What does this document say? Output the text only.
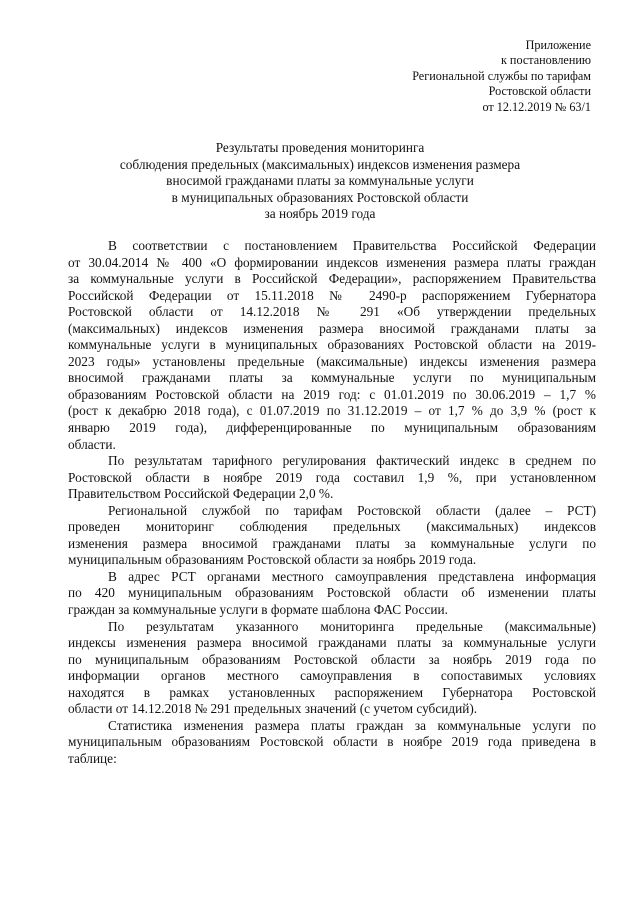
Приложение
к постановлению
Региональной службы по тарифам
Ростовской области
от 12.12.2019 № 63/1
Результаты проведения мониторинга
соблюдения предельных (максимальных) индексов изменения размера
вносимой гражданами платы за коммунальные услуги
в муниципальных образованиях Ростовской области
за ноябрь 2019 года
В соответствии с постановлением Правительства Российской Федерации
от 30.04.2014 № 400 «О формировании индексов изменения размера платы граждан
за коммунальные услуги в Российской Федерации», распоряжением Правительства
Российской Федерации от 15.11.2018 № 2490-р распоряжением Губернатора
Ростовской области от 14.12.2018 № 291 «Об утверждении предельных
(максимальных) индексов изменения размера вносимой гражданами платы за
коммунальные услуги в муниципальных образованиях Ростовской области на 2019-
2023 годы» установлены предельные (максимальные) индексы изменения размера
вносимой гражданами платы за коммунальные услуги по муниципальным
образованиям Ростовской области на 2019 год: с 01.01.2019 по 30.06.2019 – 1,7 %
(рост к декабрю 2018 года), с 01.07.2019 по 31.12.2019 – от 1,7 % до 3,9 % (рост к
январю 2019 года), дифференцированные по муниципальным образованиям
области.
По результатам тарифного регулирования фактический индекс в среднем по
Ростовской области в ноябре 2019 года составил 1,9 %, при установленном
Правительством Российской Федерации 2,0 %.
Региональной службой по тарифам Ростовской области (далее – РСТ)
проведен мониторинг соблюдения предельных (максимальных) индексов
изменения размера вносимой гражданами платы за коммунальные услуги по
муниципальным образованиям Ростовской области за ноябрь 2019 года.
В адрес РСТ органами местного самоуправления представлена информация
по 420 муниципальным образованиям Ростовской области об изменении платы
граждан за коммунальные услуги в формате шаблона ФАС России.
По результатам указанного мониторинга предельные (максимальные)
индексы изменения размера вносимой гражданами платы за коммунальные услуги
по муниципальным образованиям Ростовской области за ноябрь 2019 года по
информации органов местного самоуправления в сопоставимых условиях
находятся в рамках установленных распоряжением Губернатора Ростовской
области от 14.12.2018 № 291 предельных значений (с учетом субсидий).
Статистика изменения размера платы граждан за коммунальные услуги по
муниципальным образованиям Ростовской области в ноябре 2019 года приведена в
таблице:
